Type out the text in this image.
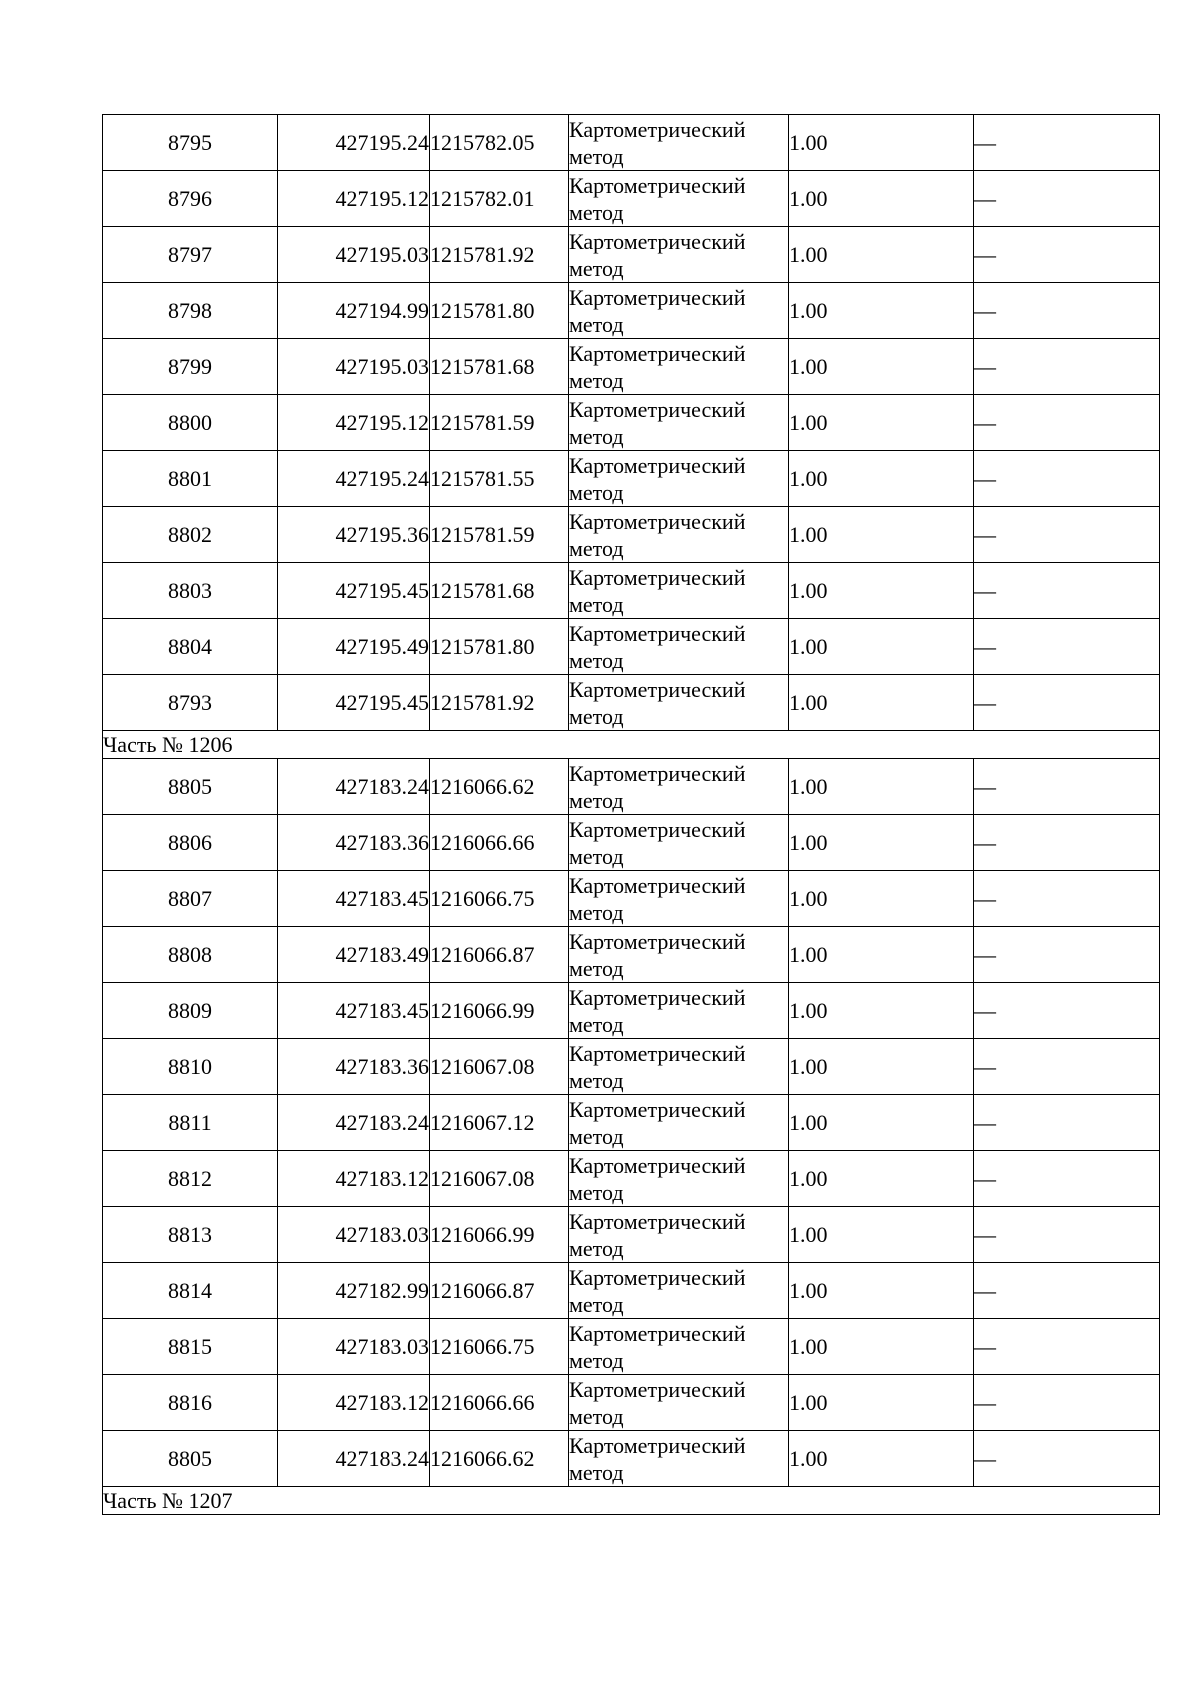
8795	427195.24	1215782.05	Картометрический
метод	1.00	—
8796	427195.12	1215782.01	Картометрический
метод	1.00	—
8797	427195.03	1215781.92	Картометрический
метод	1.00	—
8798	427194.99	1215781.80	Картометрический
метод	1.00	—
8799	427195.03	1215781.68	Картометрический
метод	1.00	—
8800	427195.12	1215781.59	Картометрический
метод	1.00	—
8801	427195.24	1215781.55	Картометрический
метод	1.00	—
8802	427195.36	1215781.59	Картометрический
метод	1.00	—
8803	427195.45	1215781.68	Картометрический
метод	1.00	—
8804	427195.49	1215781.80	Картометрический
метод	1.00	—
8793	427195.45	1215781.92	Картометрический
метод	1.00	—
Часть № 1206					
8805	427183.24	1216066.62	Картометрический
метод	1.00	—
8806	427183.36	1216066.66	Картометрический
метод	1.00	—
8807	427183.45	1216066.75	Картометрический
метод	1.00	—
8808	427183.49	1216066.87	Картометрический
метод	1.00	—
8809	427183.45	1216066.99	Картометрический
метод	1.00	—
8810	427183.36	1216067.08	Картометрический
метод	1.00	—
8811	427183.24	1216067.12	Картометрический
метод	1.00	—
8812	427183.12	1216067.08	Картометрический
метод	1.00	—
8813	427183.03	1216066.99	Картометрический
метод	1.00	—
8814	427182.99	1216066.87	Картометрический
метод	1.00	—
8815	427183.03	1216066.75	Картометрический
метод	1.00	—
8816	427183.12	1216066.66	Картометрический
метод	1.00	—
8805	427183.24	1216066.62	Картометрический
метод	1.00	—
Часть № 1207					
